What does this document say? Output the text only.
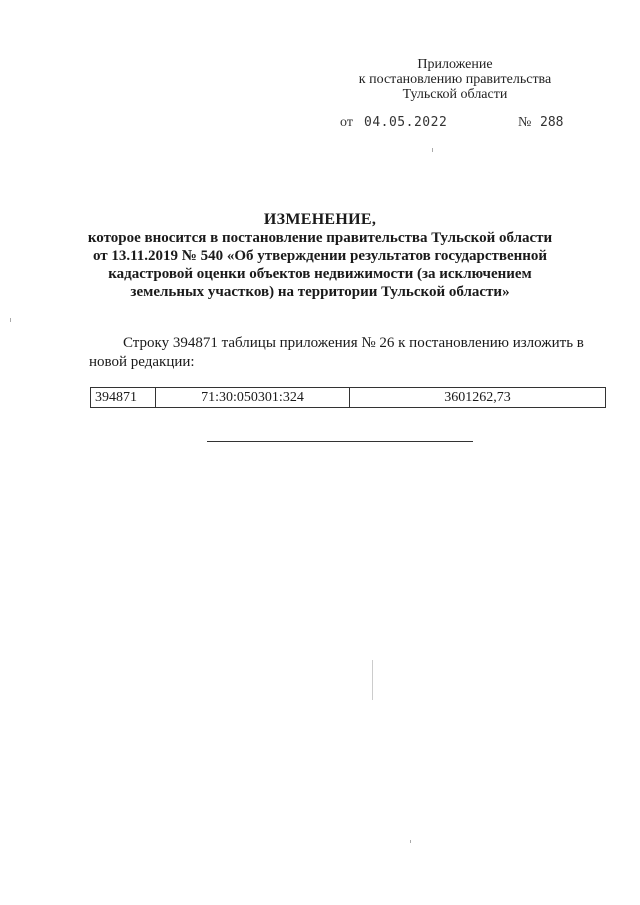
Приложение
к постановлению правительства
Тульской области
от 04.05.2022	№ 288
ИЗМЕНЕНИЕ,
которое вносится в постановление правительства Тульской области
от 13.11.2019 № 540 «Об утверждении результатов государственной
кадастровой оценки объектов недвижимости (за исключением
земельных участков) на территории Тульской области»
Строку 394871 таблицы приложения № 26 к постановлению изложить в
новой редакции:
394871	71:30:050301:324	3601262,73
